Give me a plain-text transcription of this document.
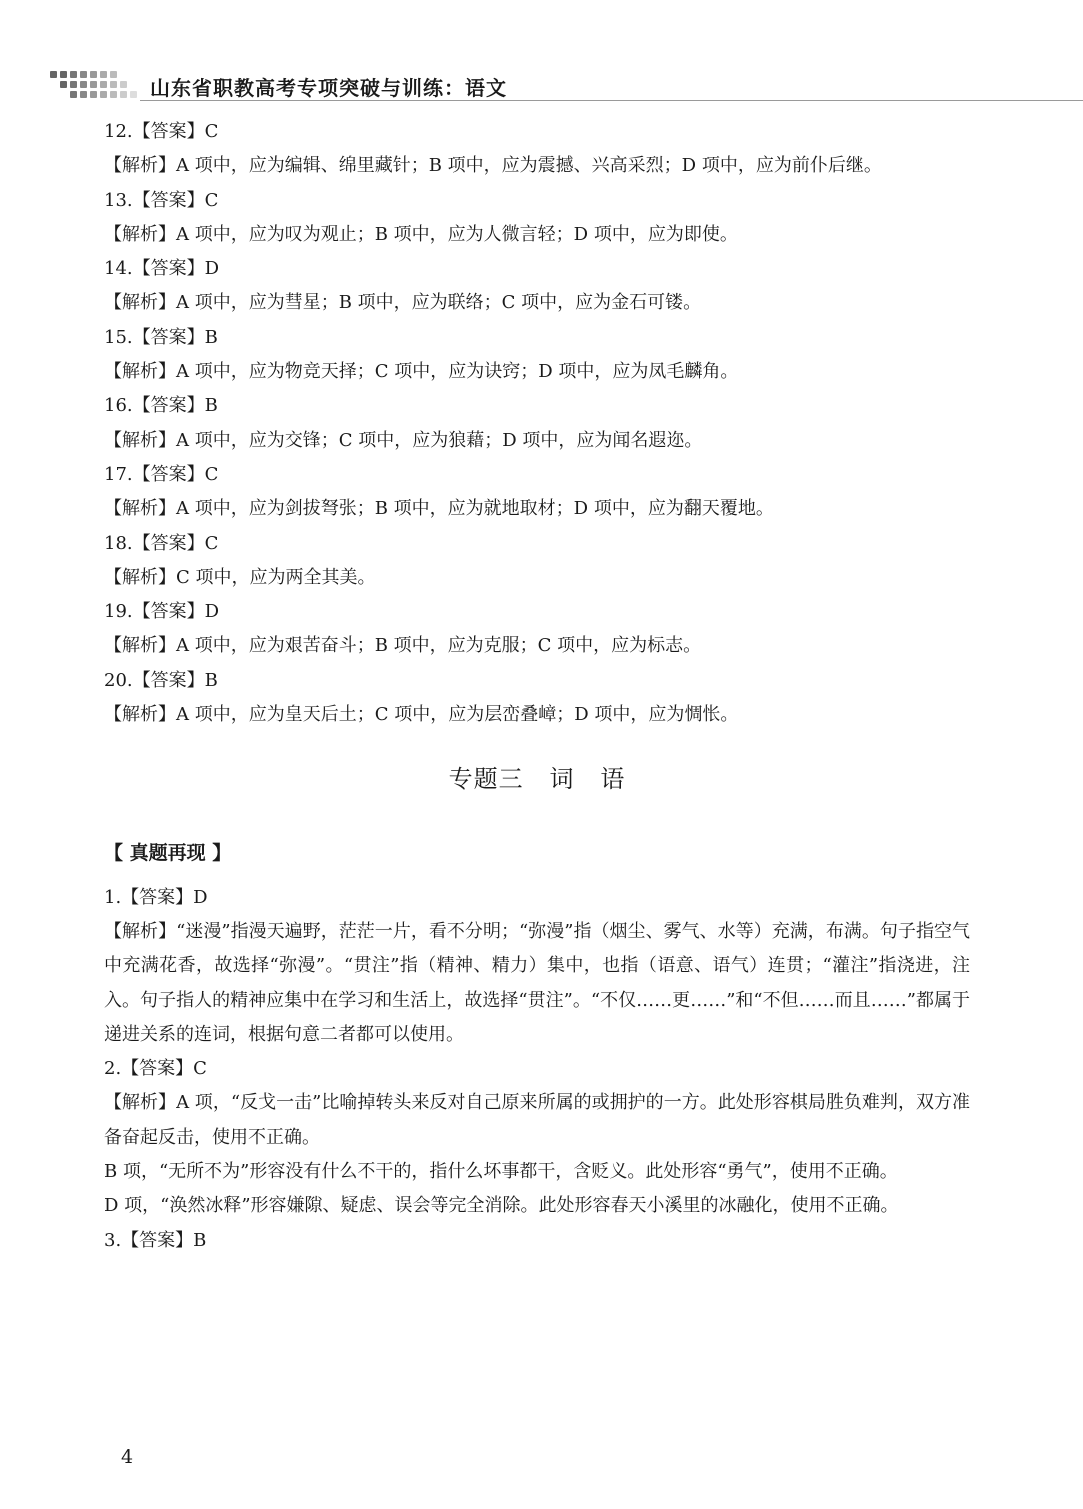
山东省职教高考专项突破与训练：语文

12.【答案】C

【解析】A 项中，应为编辑、绵里藏针；B 项中，应为震撼、兴高采烈；D 项中，应为前仆后继。

13.【答案】C

【解析】A 项中，应为叹为观止；B 项中，应为人微言轻；D 项中，应为即使。

14.【答案】D

【解析】A 项中，应为彗星；B 项中，应为联络；C 项中，应为金石可镂。

15.【答案】B

【解析】A 项中，应为物竞天择；C 项中，应为诀窍；D 项中，应为凤毛麟角。

16.【答案】B

【解析】A 项中，应为交锋；C 项中，应为狼藉；D 项中，应为闻名遐迩。

17.【答案】C

【解析】A 项中，应为剑拔弩张；B 项中，应为就地取材；D 项中，应为翻天覆地。

18.【答案】C

【解析】C 项中，应为两全其美。

19.【答案】D

【解析】A 项中，应为艰苦奋斗；B 项中，应为克服；C 项中，应为标志。

20.【答案】B

【解析】A 项中，应为皇天后土；C 项中，应为层峦叠嶂；D 项中，应为惆怅。

专题三   词   语
【 真题再现 】

1.【答案】D

【解析】“迷漫”指漫天遍野，茫茫一片，看不分明；“弥漫”指（烟尘、雾气、水等）充满，布满。句子指空气中充满花香，故选择“弥漫”。“贯注”指（精神、精力）集中，也指（语意、语气）连贯；“灌注”指浇进，注入。句子指人的精神应集中在学习和生活上，故选择“贯注”。“不仅……更……”和“不但……而且……”都属于递进关系的连词，根据句意二者都可以使用。

2.【答案】C

【解析】A 项，“反戈一击”比喻掉转头来反对自己原来所属的或拥护的一方。此处形容棋局胜负难判，双方准备奋起反击，使用不正确。

B 项，“无所不为”形容没有什么不干的，指什么坏事都干，含贬义。此处形容“勇气”，使用不正确。

D 项，“涣然冰释”形容嫌隙、疑虑、误会等完全消除。此处形容春天小溪里的冰融化，使用不正确。

3.【答案】B

4
